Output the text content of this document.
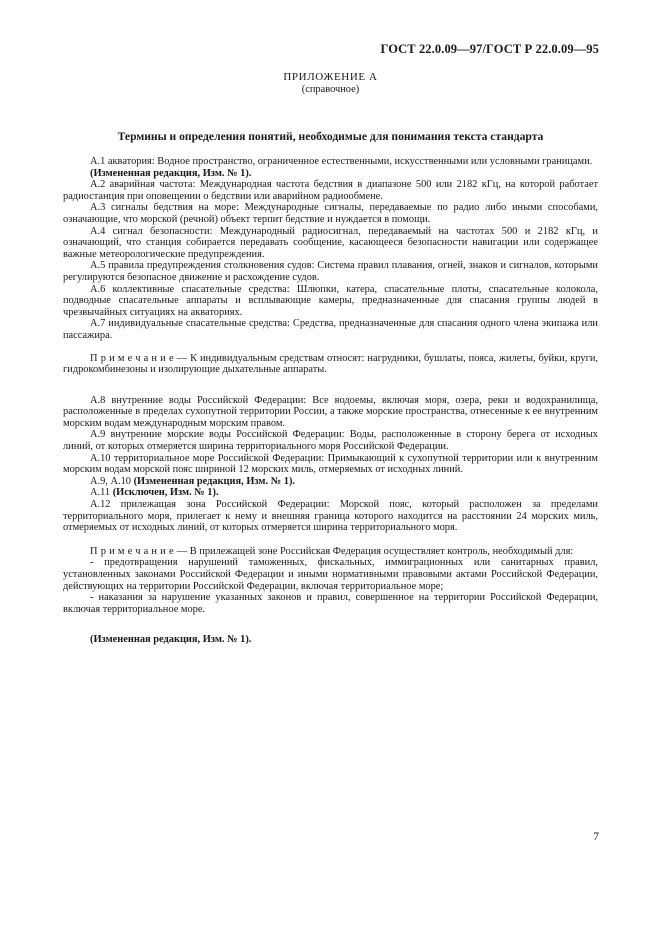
ГОСТ 22.0.09—97/ГОСТ Р 22.0.09—95
ПРИЛОЖЕНИЕ А
(справочное)
Термины и определения понятий, необходимые для понимания текста стандарта

А.1 акватория: Водное пространство, ограниченное естественными, искусственными или условными границами.

(Измененная редакция, Изм. № 1).

А.2 аварийная частота: Международная частота бедствия в диапазоне 500 или 2182 кГц, на которой работает радиостанция при оповещении о бедствии или аварийном радиообмене.

А.3 сигналы бедствия на море: Международные сигналы, передаваемые по радио либо иными способами, означающие, что морской (речной) объект терпит бедствие и нуждается в помощи.

А.4 сигнал безопасности: Международный радиосигнал, передаваемый на частотах 500 и 2182 кГц, и означающий, что станция собирается передавать сообщение, касающееся безопасности навигации или содержащее важные метеорологические предупреждения.

А.5 правила предупреждения столкновения судов: Система правил плавания, огней, знаков и сигналов, которыми регулируются безопасное движение и расхождение судов.

А.6 коллективные спасательные средства: Шлюпки, катера, спасательные плоты, спасательные колокола, подводные спасательные аппараты и всплывающие камеры, предназначенные для спасания группы людей в чрезвычайных ситуациях на акваториях.

А.7 индивидуальные спасательные средства: Средства, предназначенные для спасания одного члена экипажа или пассажира.

Примечание— К индивидуальным средствам относят: нагрудники, бушлаты, пояса, жилеты, буйки, круги, гидрокомбинезоны и изолирующие дыхательные аппараты.

А.8 внутренние воды Российской Федерации: Все водоемы, включая моря, озера, реки и водохранилища, расположенные в пределах сухопутной территории России, а также морские пространства, отнесенные к ее внутренним морским водам международным морским правом.

А.9 внутренние морские воды Российской Федерации: Воды, расположенные в сторону берега от исходных линий, от которых отмеряется ширина территориального моря Российской Федерации.

А.10 территориальное море Российской Федерации: Примыкающий к сухопутной территории или к внутренним морским водам морской пояс шириной 12 морских миль, отмеряемых от исходных линий.

А.9, А.10 (Измененная редакция, Изм. № 1).

А.11 (Исключен, Изм. № 1).

А.12 прилежащая зона Российской Федерации: Морской пояс, который расположен за пределами территориального моря, прилегает к нему и внешняя граница которого находится на расстоянии 24 морских миль, отмеряемых от исходных линий, от которых отмеряется ширина территориального моря.

Примечание— В прилежащей зоне Российская Федерация осуществляет контроль, необходимый для:

- предотвращения нарушений таможенных, фискальных, иммиграционных или санитарных правил, установленных законами Российской Федерации и иными нормативными правовыми актами Российской Федерации, действующих на территории Российской Федерации, включая территориальное море;

- наказания за нарушение указанных законов и правил, совершенное на территории Российской Федерации, включая территориальное море.

(Измененная редакция, Изм. № 1).

7
